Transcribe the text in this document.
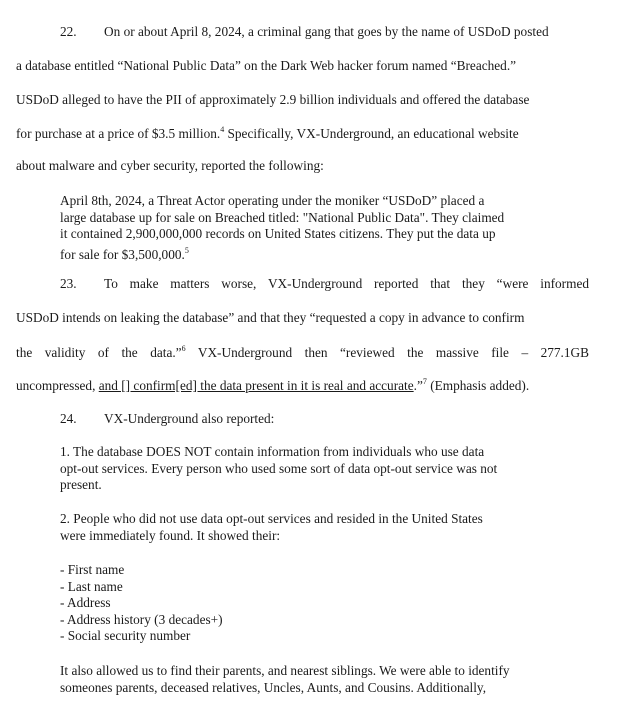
22. On or about April 8, 2024, a criminal gang that goes by the name of USDoD posted
a database entitled “National Public Data” on the Dark Web hacker forum named “Breached.”
USDoD alleged to have the PII of approximately 2.9 billion individuals and offered the database
for purchase at a price of $3.5 million.$^4$ Specifically, VX-Underground, an educational website
about malware and cyber security, reported the following:
April 8th, 2024, a Threat Actor operating under the moniker “USDoD” placed a
large database up for sale on Breached titled: "National Public Data". They claimed
it contained 2,900,000,000 records on United States citizens. They put the data up
for sale for $3,500,000.$^5$
23. To make matters worse, VX-Underground reported that they “were informed
USDoD intends on leaking the database” and that they “requested a copy in advance to confirm
the validity of the data.”$^6$ VX-Underground then “reviewed the massive file – 277.1GB
uncompressed, and [] confirm[ed] the data present in it is real and accurate.”$^7$ (Emphasis added).
24. VX-Underground also reported:
1. The database DOES NOT contain information from individuals who use data
opt-out services. Every person who used some sort of data opt-out service was not
present.
2. People who did not use data opt-out services and resided in the United States
were immediately found. It showed their:
- First name
- Last name
- Address
- Address history (3 decades+)
- Social security number
It also allowed us to find their parents, and nearest siblings. We were able to identify
someones parents, deceased relatives, Uncles, Aunts, and Cousins. Additionally,
